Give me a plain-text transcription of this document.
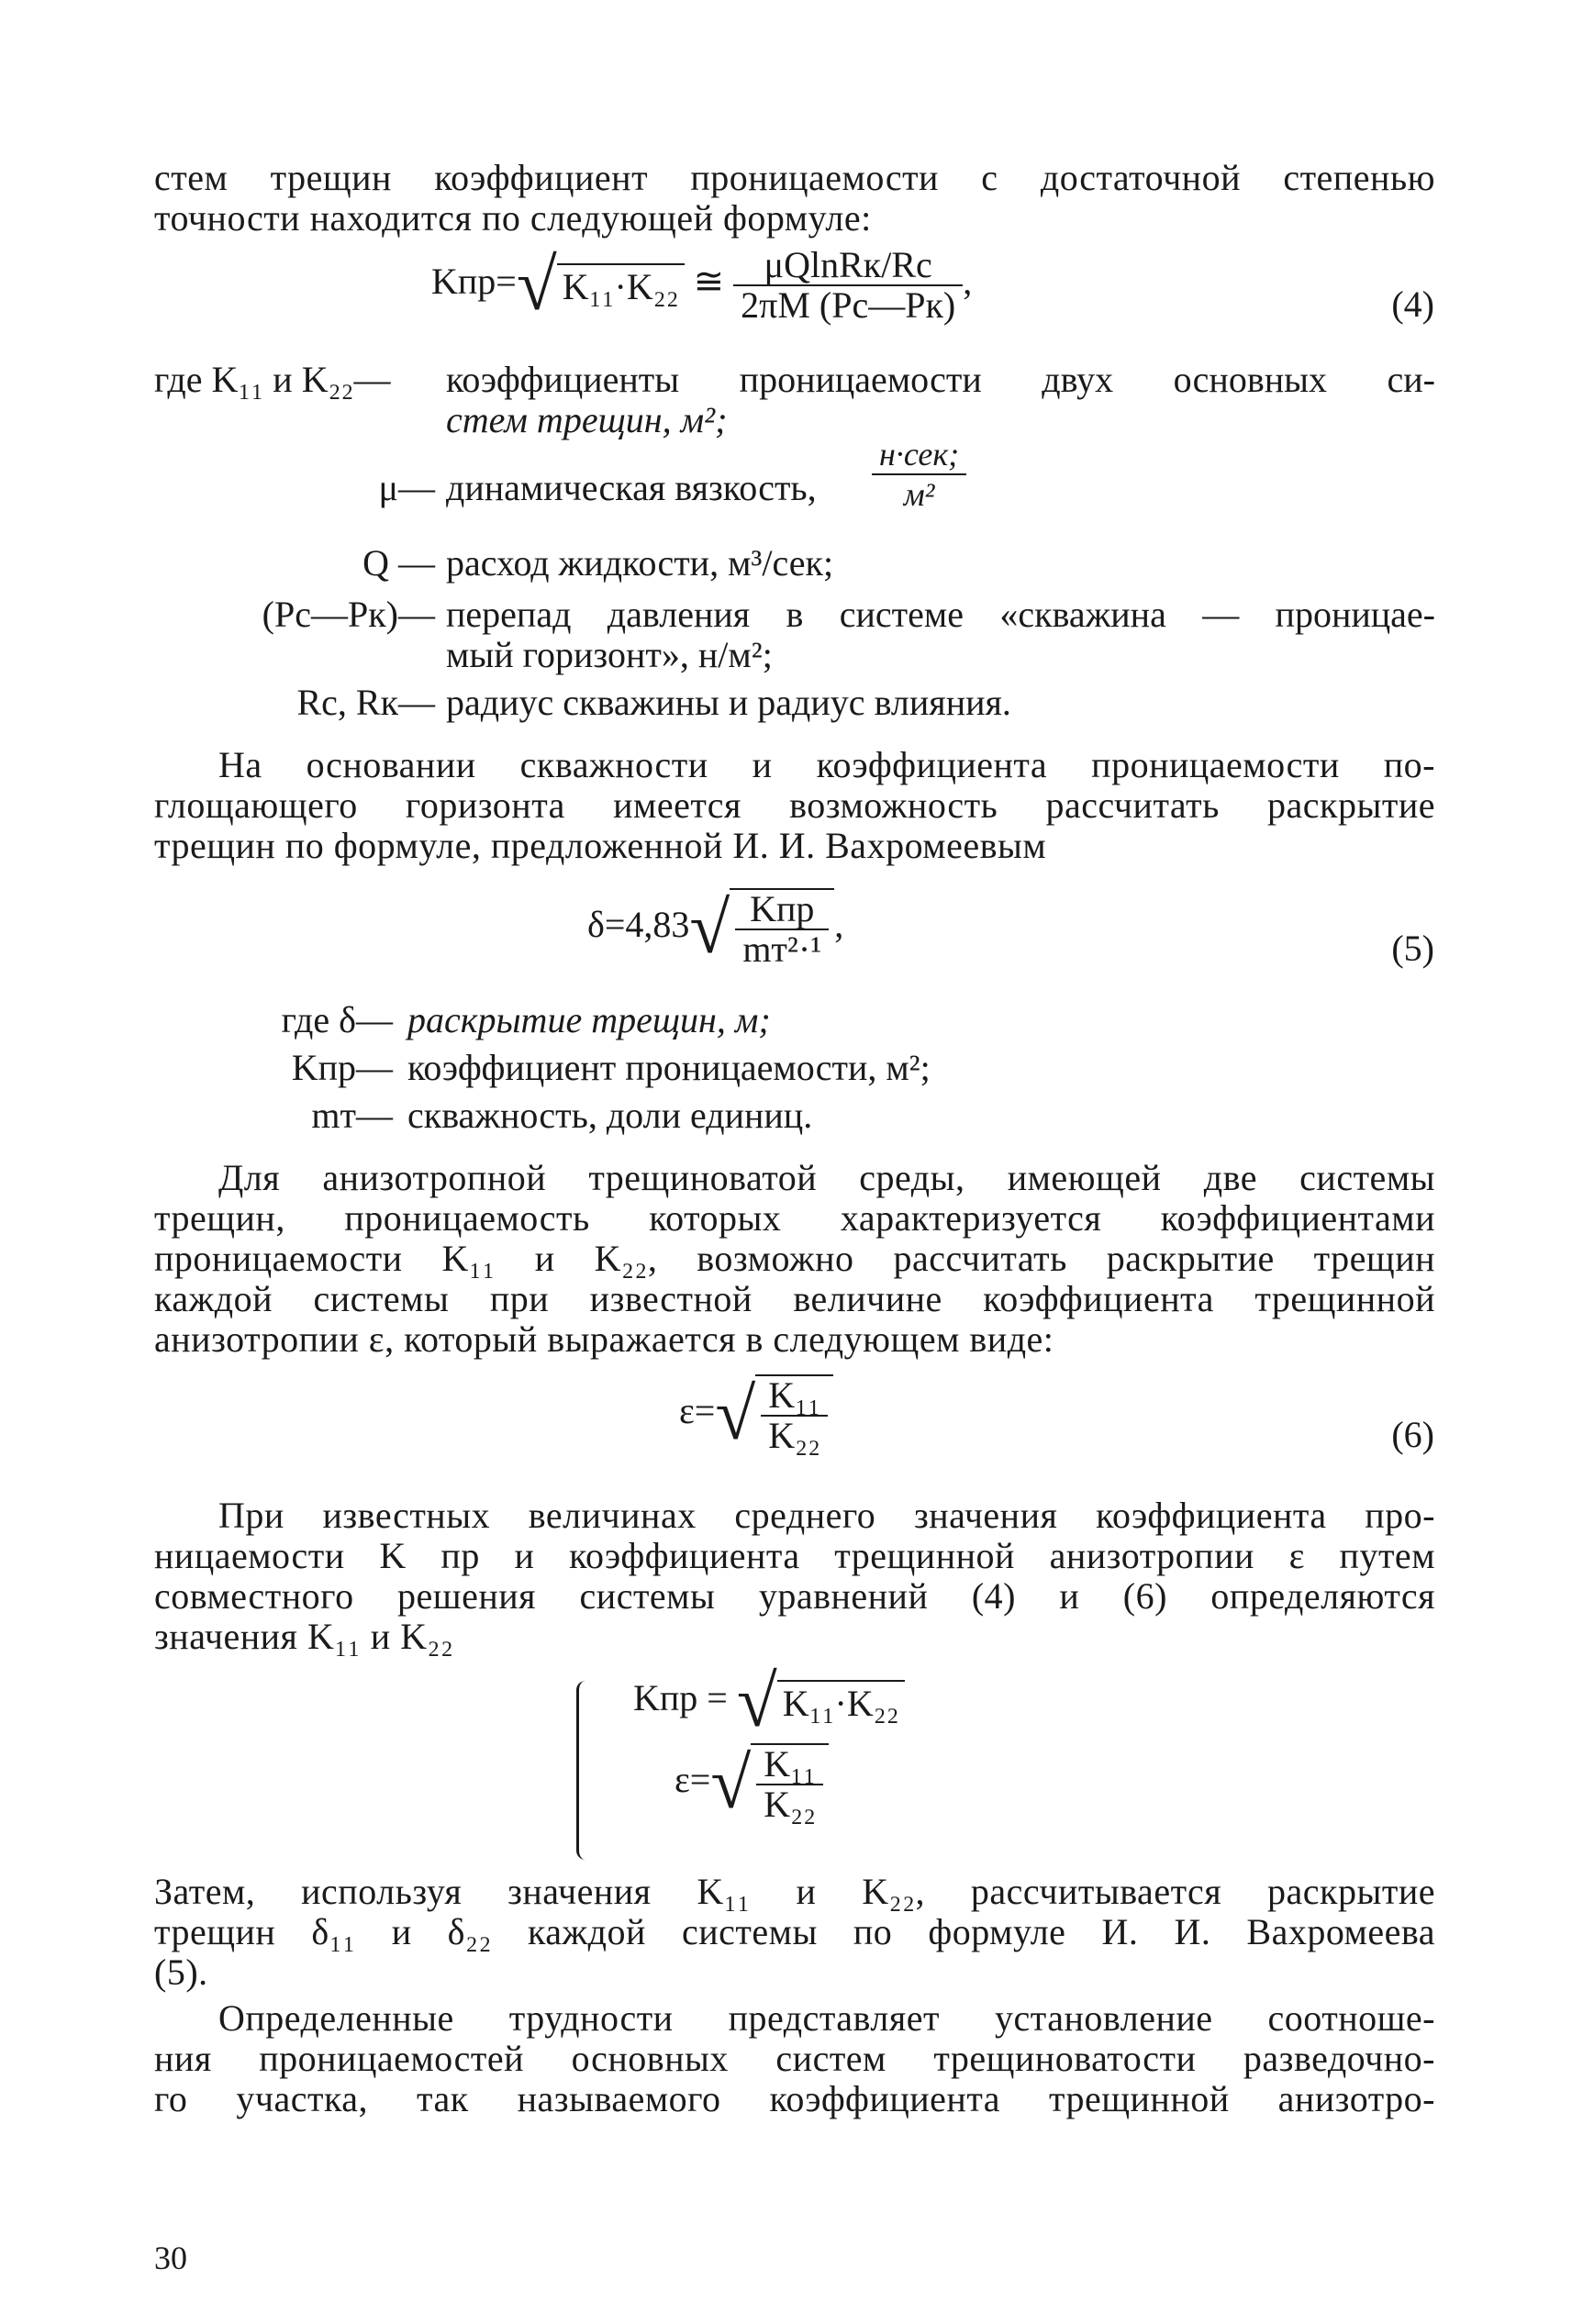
стем трещин коэффициент проницаемости с достаточной степенью

точности находится по следующей формуле:

Kпр=√ K₁₁·K₂₂ ≅ $\frac{\mu QlnRк/Rс}{2\pi M (Pс—Pк)}$ ,
(4)
где K₁₁ и K₂₂—	коэффициенты проницаемости двух основных си-
стем трещин, м²;
μ— динамическая вязкость,
н·сек;
м²
Q — расход жидкости, м³/сек;
(Pс—Pк)— перепад давления в системе «скважина — проницае-
мый горизонт», н/м²;
Rс, Rк— радиус скважины и радиус влияния.

На основании скважности и коэффициента проницаемости по-

глощающего горизонта имеется возможность рассчитать раскрытие

трещин по формуле, предложенной И. И. Вахромеевым

$\delta=4,83√ \frac{\text{Kпр}}{\text{mт²·¹}}$ ,
(5)
где δ— раскрытие трещин, м;
Kпр— коэффициент проницаемости, м²;
mт— скважность, доли единиц.

Для анизотропной трещиноватой среды, имеющей две системы

трещин, проницаемость которых характеризуется коэффициентами

проницаемости K₁₁ и K₂₂, возможно рассчитать раскрытие трещин

каждой системы при известной величине коэффициента трещинной

анизотропии ε, который выражается в следующем виде:

$\varepsilon=√ \frac{\text{K₁₁}}{\text{K₂₂}}$	(6)

При известных величинах среднего значения коэффициента про-

ницаемости K пр и коэффициента трещинной анизотропии ε путем

совместного решения системы уравнений (4) и (6) определяются

значения K₁₁ и K₂₂

Kпр = √ K₁₁·K₂₂
$\varepsilon=√ \frac{\text{K₁₁}}{\text{K₂₂}}$

Затем, используя значения K₁₁ и K₂₂, рассчитывается раскрытие

трещин δ₁₁ и δ₂₂ каждой системы по формуле И. И. Вахромеева

(5).

Определенные трудности представляет установление соотноше-

ния проницаемостей основных систем трещиноватости разведочно-

го участка, так называемого коэффициента трещинной анизотро-

30
